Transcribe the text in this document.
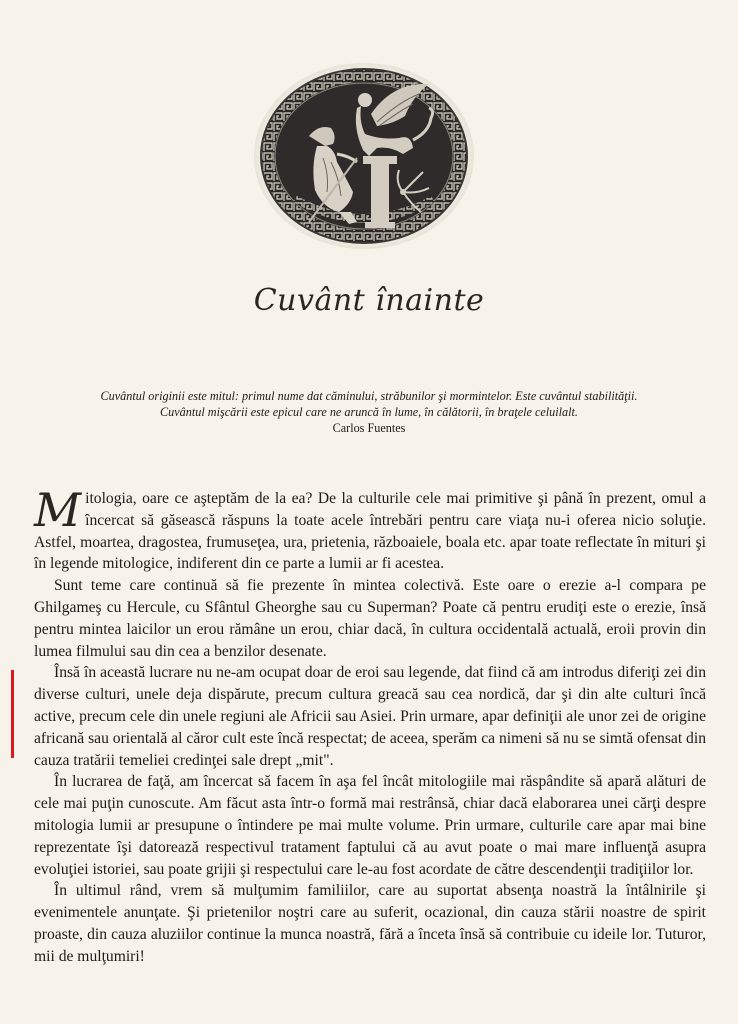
Cuvânt înainte
Cuvântul originii este mitul: primul nume dat căminului, străbunilor şi mormintelor. Este cuvântul stabilităţii. Cuvântul mişcării este epicul care ne aruncă în lume, în călătorii, în braţele celuilalt.
Carlos Fuentes

Mitologia, oare ce aşteptăm de la ea? De la culturile cele mai primitive şi până în prezent, omul a încercat să găsească răspuns la toate acele întrebări pentru care viaţa nu-i oferea nicio soluţie. Astfel, moartea, dragostea, frumuseţea, ura, prietenia, războaiele, boala etc. apar toate reflectate în mituri şi în legende mitologice, indiferent din ce parte a lumii ar fi acestea.

Sunt teme care continuă să fie prezente în mintea colectivă. Este oare o erezie a-l compara pe Ghilgameş cu Hercule, cu Sfântul Gheorghe sau cu Superman? Poate că pentru erudiţi este o erezie, însă pentru mintea laicilor un erou rămâne un erou, chiar dacă, în cultura occidentală actuală, eroii provin din lumea filmului sau din cea a benzilor desenate.

Însă în această lucrare nu ne-am ocupat doar de eroi sau legende, dat fiind că am introdus diferiţi zei din diverse culturi, unele deja dispărute, precum cultura greacă sau cea nordică, dar şi din alte culturi încă active, precum cele din unele regiuni ale Africii sau Asiei. Prin urmare, apar definiţii ale unor zei de origine africană sau orientală al căror cult este încă respectat; de aceea, sperăm ca nimeni să nu se simtă ofensat din cauza tratării temeliei credinţei sale drept „mit".

În lucrarea de faţă, am încercat să facem în aşa fel încât mitologiile mai răspândite să apară alături de cele mai puţin cunoscute. Am făcut asta într-o formă mai restrânsă, chiar dacă elaborarea unei cărţi despre mitologia lumii ar presupune o întindere pe mai multe volume. Prin urmare, culturile care apar mai bine reprezentate îşi datorează respectivul tratament faptului că au avut poate o mai mare influenţă asupra evoluţiei istoriei, sau poate grijii şi respectului care le-au fost acordate de către descendenţii tradiţiilor lor.

În ultimul rând, vrem să mulţumim familiilor, care au suportat absenţa noastră la întâlnirile şi evenimentele anunţate. Şi prietenilor noştri care au suferit, ocazional, din cauza stării noastre de spirit proaste, din cauza aluziilor continue la munca noastră, fără a înceta însă să contribuie cu ideile lor. Tuturor, mii de mulţumiri!
